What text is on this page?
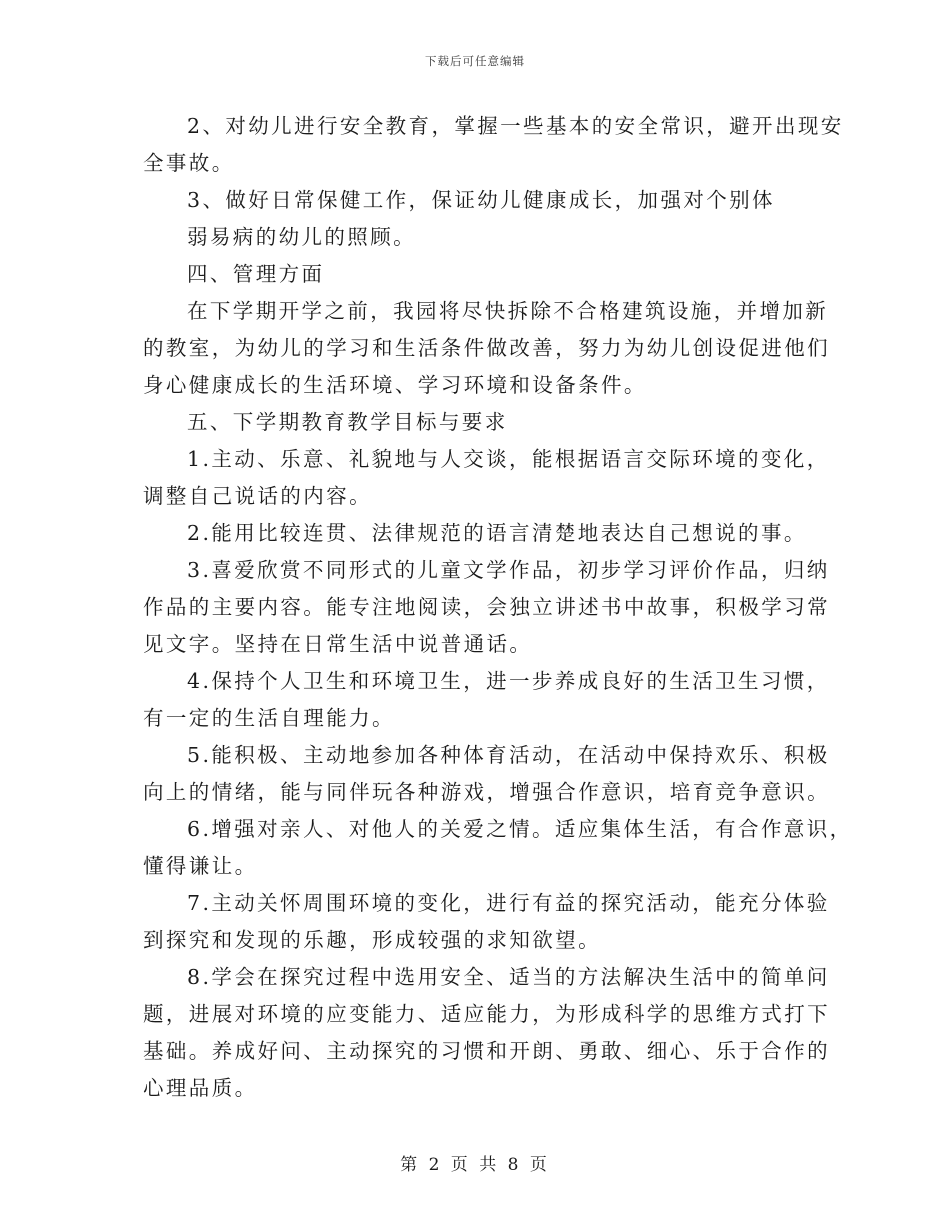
下载后可任意编辑
2、对幼儿进行安全教育，掌握一些基本的安全常识，避开出现安
全事故。
3、做好日常保健工作，保证幼儿健康成长，加强对个别体
弱易病的幼儿的照顾。
四、管理方面
在下学期开学之前，我园将尽快拆除不合格建筑设施，并增加新
的教室，为幼儿的学习和生活条件做改善，努力为幼儿创设促进他们
身心健康成长的生活环境、学习环境和设备条件。
五、下学期教育教学目标与要求
1.主动、乐意、礼貌地与人交谈，能根据语言交际环境的变化，
调整自己说话的内容。
2.能用比较连贯、法律规范的语言清楚地表达自己想说的事。
3.喜爱欣赏不同形式的儿童文学作品，初步学习评价作品，归纳
作品的主要内容。能专注地阅读，会独立讲述书中故事，积极学习常
见文字。坚持在日常生活中说普通话。
4.保持个人卫生和环境卫生，进一步养成良好的生活卫生习惯，
有一定的生活自理能力。
5.能积极、主动地参加各种体育活动，在活动中保持欢乐、积极
向上的情绪，能与同伴玩各种游戏，增强合作意识，培育竞争意识。
6.增强对亲人、对他人的关爱之情。适应集体生活，有合作意识，
懂得谦让。
7.主动关怀周围环境的变化，进行有益的探究活动，能充分体验
到探究和发现的乐趣，形成较强的求知欲望。
8.学会在探究过程中选用安全、适当的方法解决生活中的简单问
题，进展对环境的应变能力、适应能力，为形成科学的思维方式打下
基础。养成好问、主动探究的习惯和开朗、勇敢、细心、乐于合作的
心理品质。
第 2 页 共 8 页
